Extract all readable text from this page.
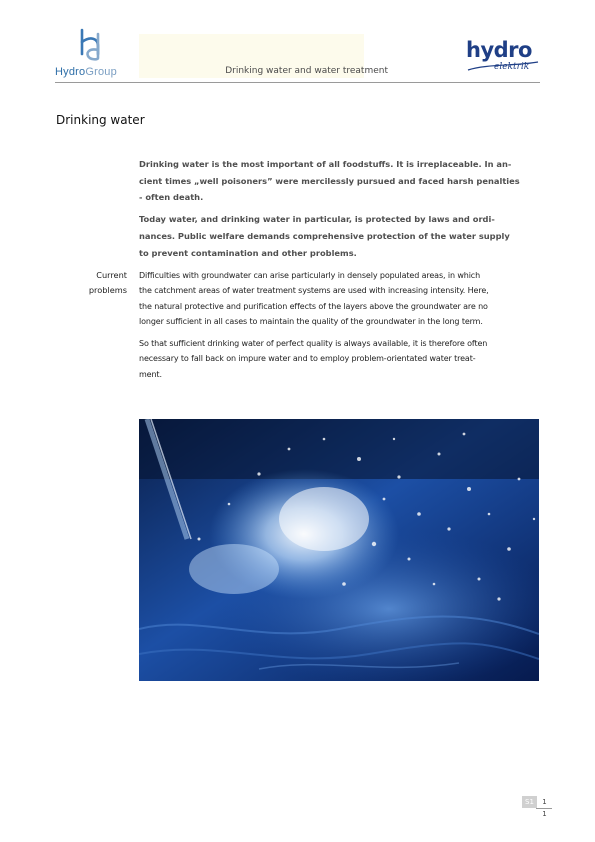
HydroGroup	Drinking water and water treatment
hydro
elektrik
Drinking water

Drinking water is the most important of all foodstuffs. It is irreplaceable. In an-
cient times „well poisoners” were mercilessly pursued and faced harsh penalties
- often death.

Today water, and drinking water in particular, is protected by laws and ordi-
nances. Public welfare demands comprehensive protection of the water supply
to prevent contamination and other problems.

Current
problems

Difficulties with groundwater can arise particularly in densely populated areas, in which
the catchment areas of water treatment systems are used with increasing intensity. Here,
the natural protective and purification effects of the layers above the groundwater are no
longer sufficient in all cases to maintain the quality of the groundwater in the long term.

So that sufficient drinking water of perfect quality is always available, it is therefore often
necessary to fall back on impure water and to employ problem-orientated water treat-
ment.

S1	1
1
